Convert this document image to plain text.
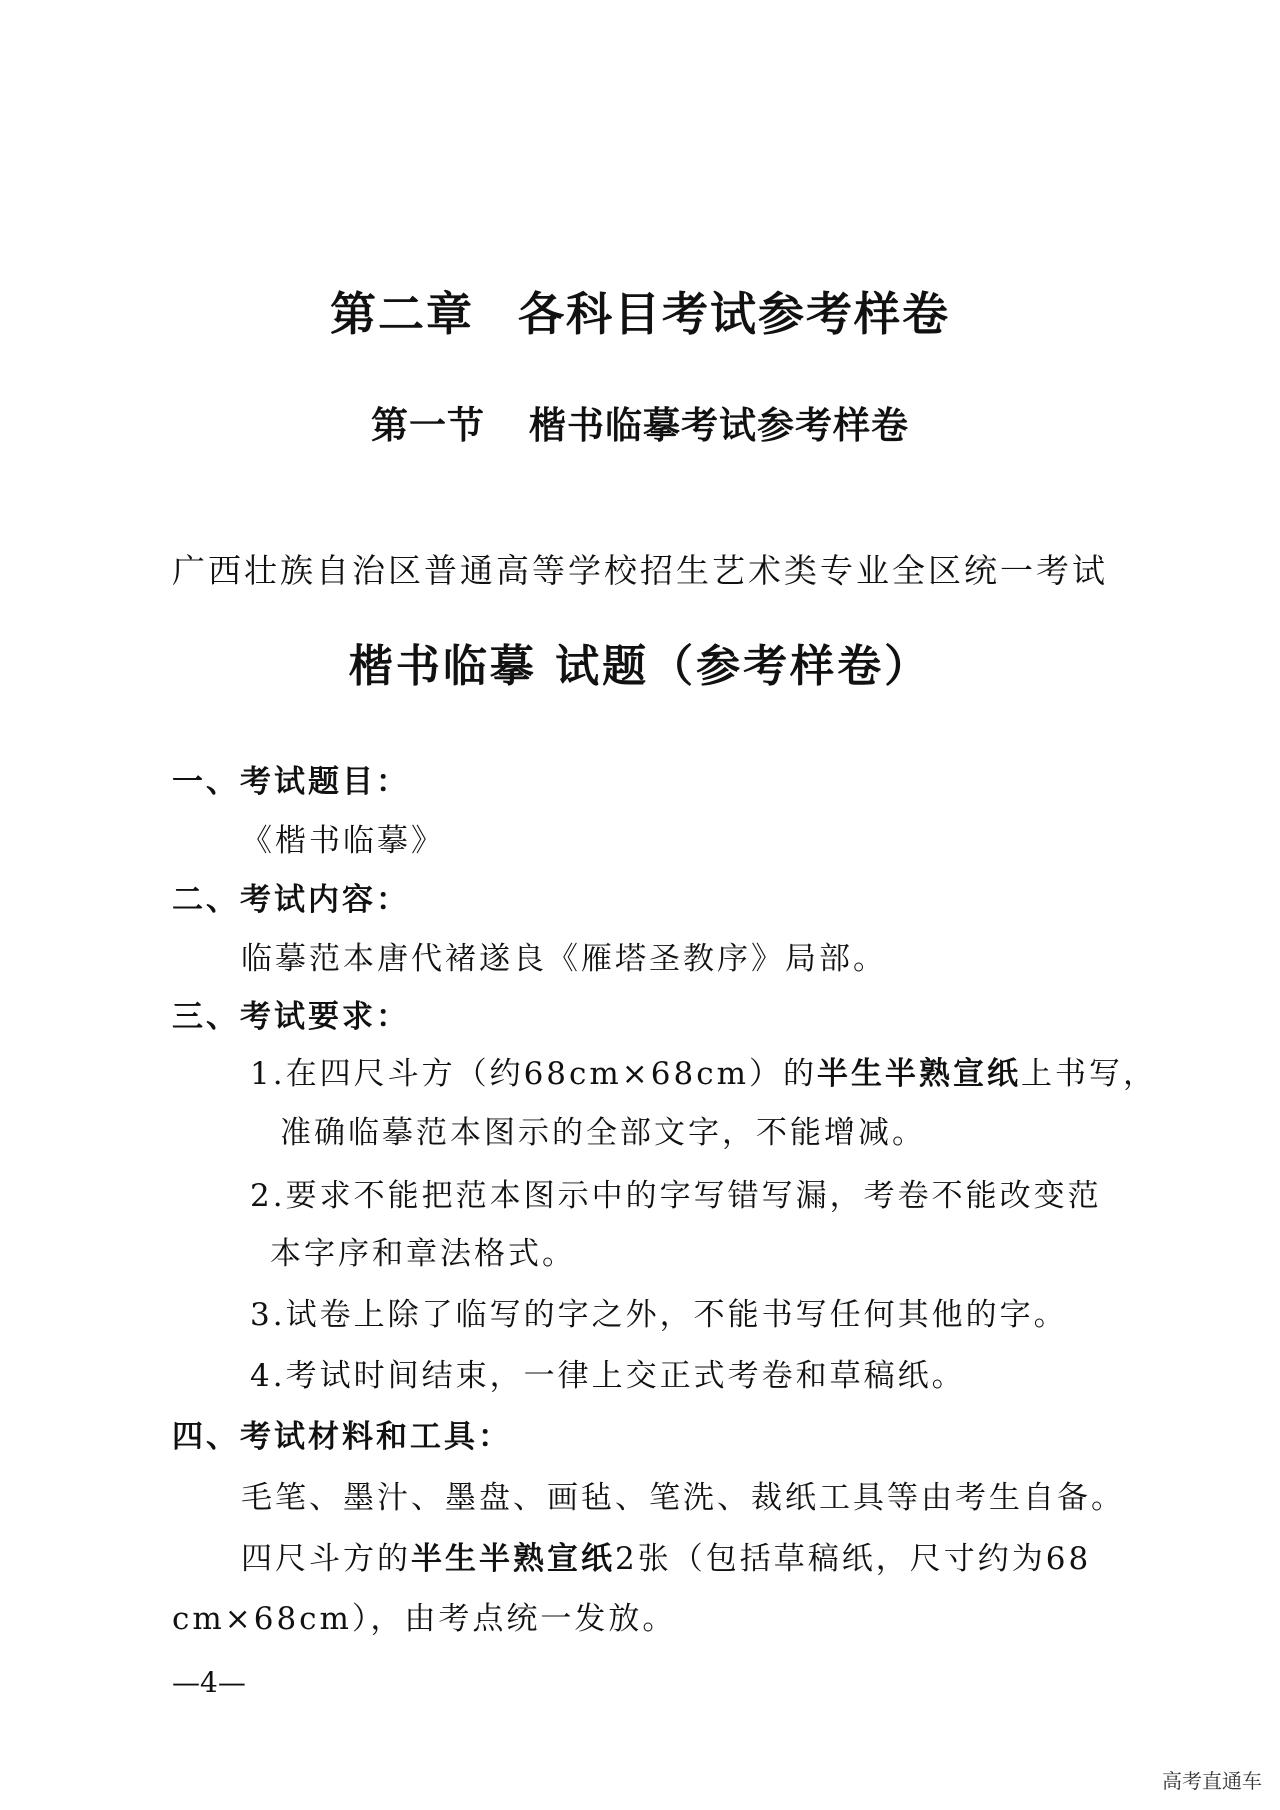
第二章 各科目考试参考样卷
第一节 楷书临摹考试参考样卷
广西壮族自治区普通高等学校招生艺术类专业全区统一考试
楷书临摹 试题（参考样卷）
一、考试题目：
《楷书临摹》
二、考试内容：
临摹范本唐代褚遂良《雁塔圣教序》局部。
三、考试要求：
1.在四尺斗方（约68cm×68cm）的半生半熟宣纸上书写，
准确临摹范本图示的全部文字，不能增减。
2.要求不能把范本图示中的字写错写漏，考卷不能改变范
本字序和章法格式。
3.试卷上除了临写的字之外，不能书写任何其他的字。
4.考试时间结束，一律上交正式考卷和草稿纸。
四、考试材料和工具：
毛笔、墨汁、墨盘、画毡、笔洗、裁纸工具等由考生自备。
四尺斗方的半生半熟宣纸2张（包括草稿纸，尺寸约为68
cm×68cm），由考点统一发放。
—4—
高考直通车
